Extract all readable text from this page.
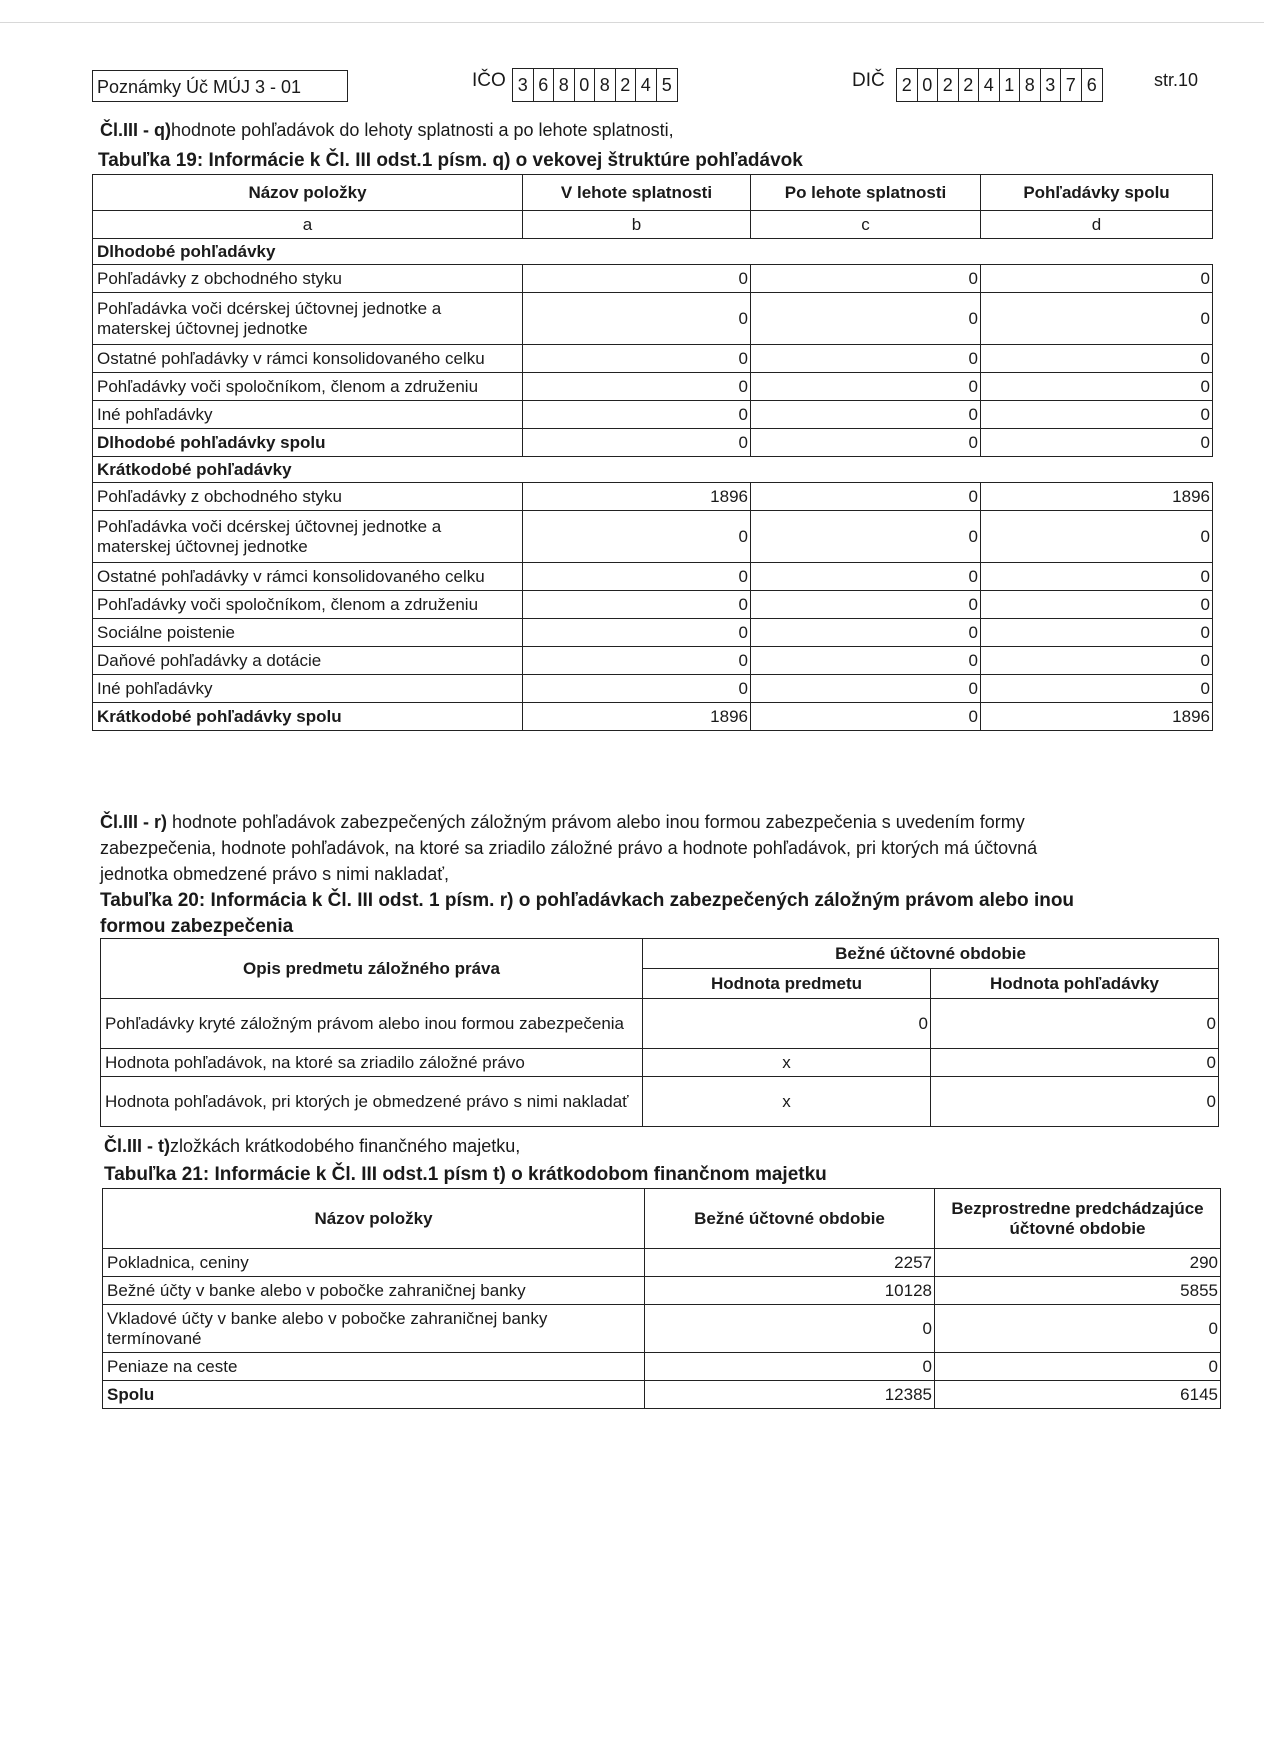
Poznámky Úč MÚJ 3 - 01	IČO 3 6 8 0 8 2 4 5	DIČ 2 0 2 2 4 1 8 3 7 6	str.10
Čl.III - q)hodnote pohľadávok do lehoty splatnosti a po lehote splatnosti,
Tabuľka 19: Informácie k Čl. III odst.1 písm. q) o vekovej štruktúre pohľadávok
Názov položky	V lehote splatnosti	Po lehote splatnosti	Pohľadávky spolu
a	b	c	d
Dlhodobé pohľadávky			
Pohľadávky z obchodného styku	0	0	0
Pohľadávka voči dcérskej účtovnej jednotke a materskej účtovnej jednotke	0	0	0
Ostatné pohľadávky v rámci konsolidovaného celku	0	0	0
Pohľadávky voči spoločníkom, členom a združeniu	0	0	0
Iné pohľadávky	0	0	0
Dlhodobé pohľadávky spolu	0	0	0
Krátkodobé pohľadávky			
Pohľadávky z obchodného styku	1896	0	1896
Pohľadávka voči dcérskej účtovnej jednotke a materskej účtovnej jednotke	0	0	0
Ostatné pohľadávky v rámci konsolidovaného celku	0	0	0
Pohľadávky voči spoločníkom, členom a združeniu	0	0	0
Sociálne poistenie	0	0	0
Daňové pohľadávky a dotácie	0	0	0
Iné pohľadávky	0	0	0
Krátkodobé pohľadávky spolu	1896	0	1896
Čl.III - r) hodnote pohľadávok zabezpečených záložným právom alebo inou formou zabezpečenia s uvedením formy
zabezpečenia, hodnote pohľadávok, na ktoré sa zriadilo záložné právo a hodnote pohľadávok, pri ktorých má účtovná
jednotka obmedzené právo s nimi nakladať,
Tabuľka 20: Informácia k Čl. III odst. 1 písm. r) o pohľadávkach zabezpečených záložným právom alebo inou
formou zabezpečenia
Opis predmetu záložného práva	Bežné účtovné obdobie	
	Hodnota predmetu	Hodnota pohľadávky
Pohľadávky kryté záložným právom alebo inou formou zabezpečenia	0	0
Hodnota pohľadávok, na ktoré sa zriadilo záložné právo	x	0
Hodnota pohľadávok, pri ktorých je obmedzené právo s nimi nakladať	x	0
Čl.III - t)zložkách krátkodobého finančného majetku,
Tabuľka 21: Informácie k Čl. III odst.1 písm t) o krátkodobom finančnom majetku
Názov položky	Bežné účtovné obdobie	Bezprostredne predchádzajúce účtovné obdobie
Pokladnica, ceniny	2257	290
Bežné účty v banke alebo v pobočke zahraničnej banky	10128	5855
Vkladové účty v banke alebo v pobočke zahraničnej banky termínované	0	0
Peniaze na ceste	0	0
Spolu	12385	6145
